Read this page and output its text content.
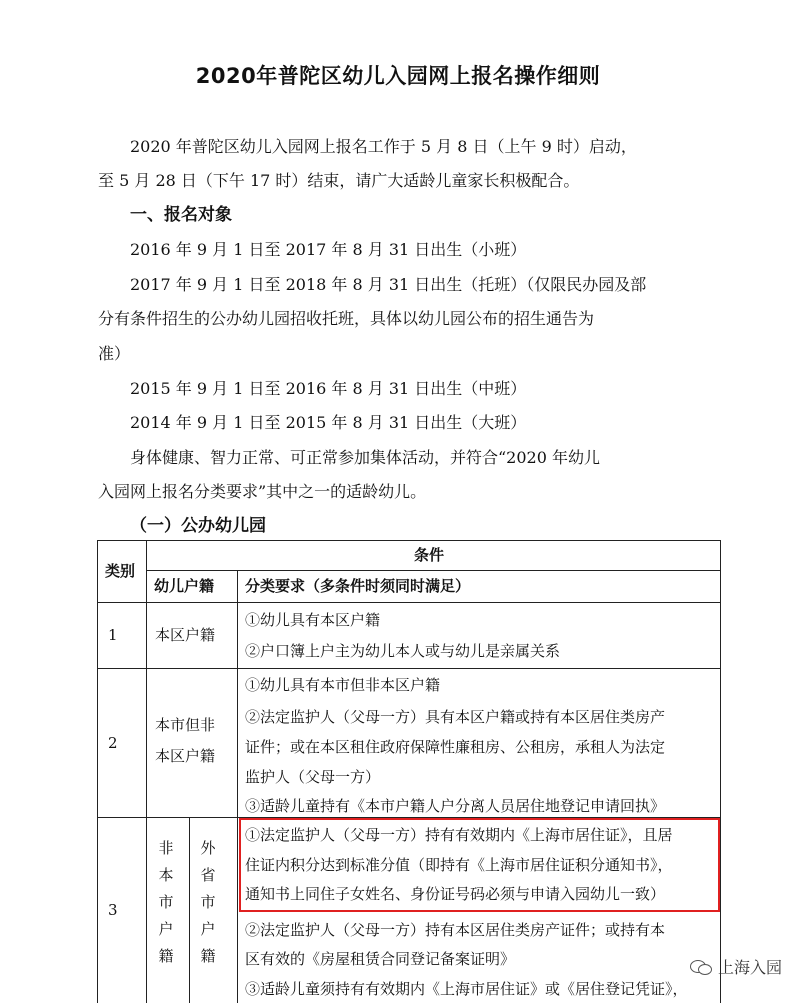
2020年普陀区幼儿入园网上报名操作细则
2020 年普陀区幼儿入园网上报名工作于 5 月 8 日（上午 9 时）启动，
至 5 月 28 日（下午 17 时）结束，请广大适龄儿童家长积极配合。
一、报名对象
2016 年 9 月 1 日至 2017 年 8 月 31 日出生（小班）
2017 年 9 月 1 日至 2018 年 8 月 31 日出生（托班）（仅限民办园及部
分有条件招生的公办幼儿园招收托班，具体以幼儿园公布的招生通告为
准）
2015 年 9 月 1 日至 2016 年 8 月 31 日出生（中班）
2014 年 9 月 1 日至 2015 年 8 月 31 日出生（大班）
身体健康、智力正常、可正常参加集体活动，并符合“2020 年幼儿
入园网上报名分类要求”其中之一的适龄幼儿。
（一）公办幼儿园
类别
条件
幼儿户籍 分类要求（多条件时须同时满足）
1 本区户籍
①幼儿具有本区户籍
②户口簿上户主为幼儿本人或与幼儿是亲属关系
2
本市但非
本区户籍
①幼儿具有本市但非本区户籍
②法定监护人（父母一方）具有本区户籍或持有本区居住类房产
证件；或在本区租住政府保障性廉租房、公租房，承租人为法定
监护人（父母一方）
③适龄儿童持有《本市户籍人户分离人员居住地登记申请回执》
3
非本市户籍
外省市户籍
①法定监护人（父母一方）持有有效期内《上海市居住证》，且居
住证内积分达到标准分值（即持有《上海市居住证积分通知书》，
通知书上同住子女姓名、身份证号码必须与申请入园幼儿一致）
②法定监护人（父母一方）持有本区居住类房产证件；或持有本
区有效的《房屋租赁合同登记备案证明》
③适龄儿童须持有有效期内《上海市居住证》或《居住登记凭证》，
上海入园
